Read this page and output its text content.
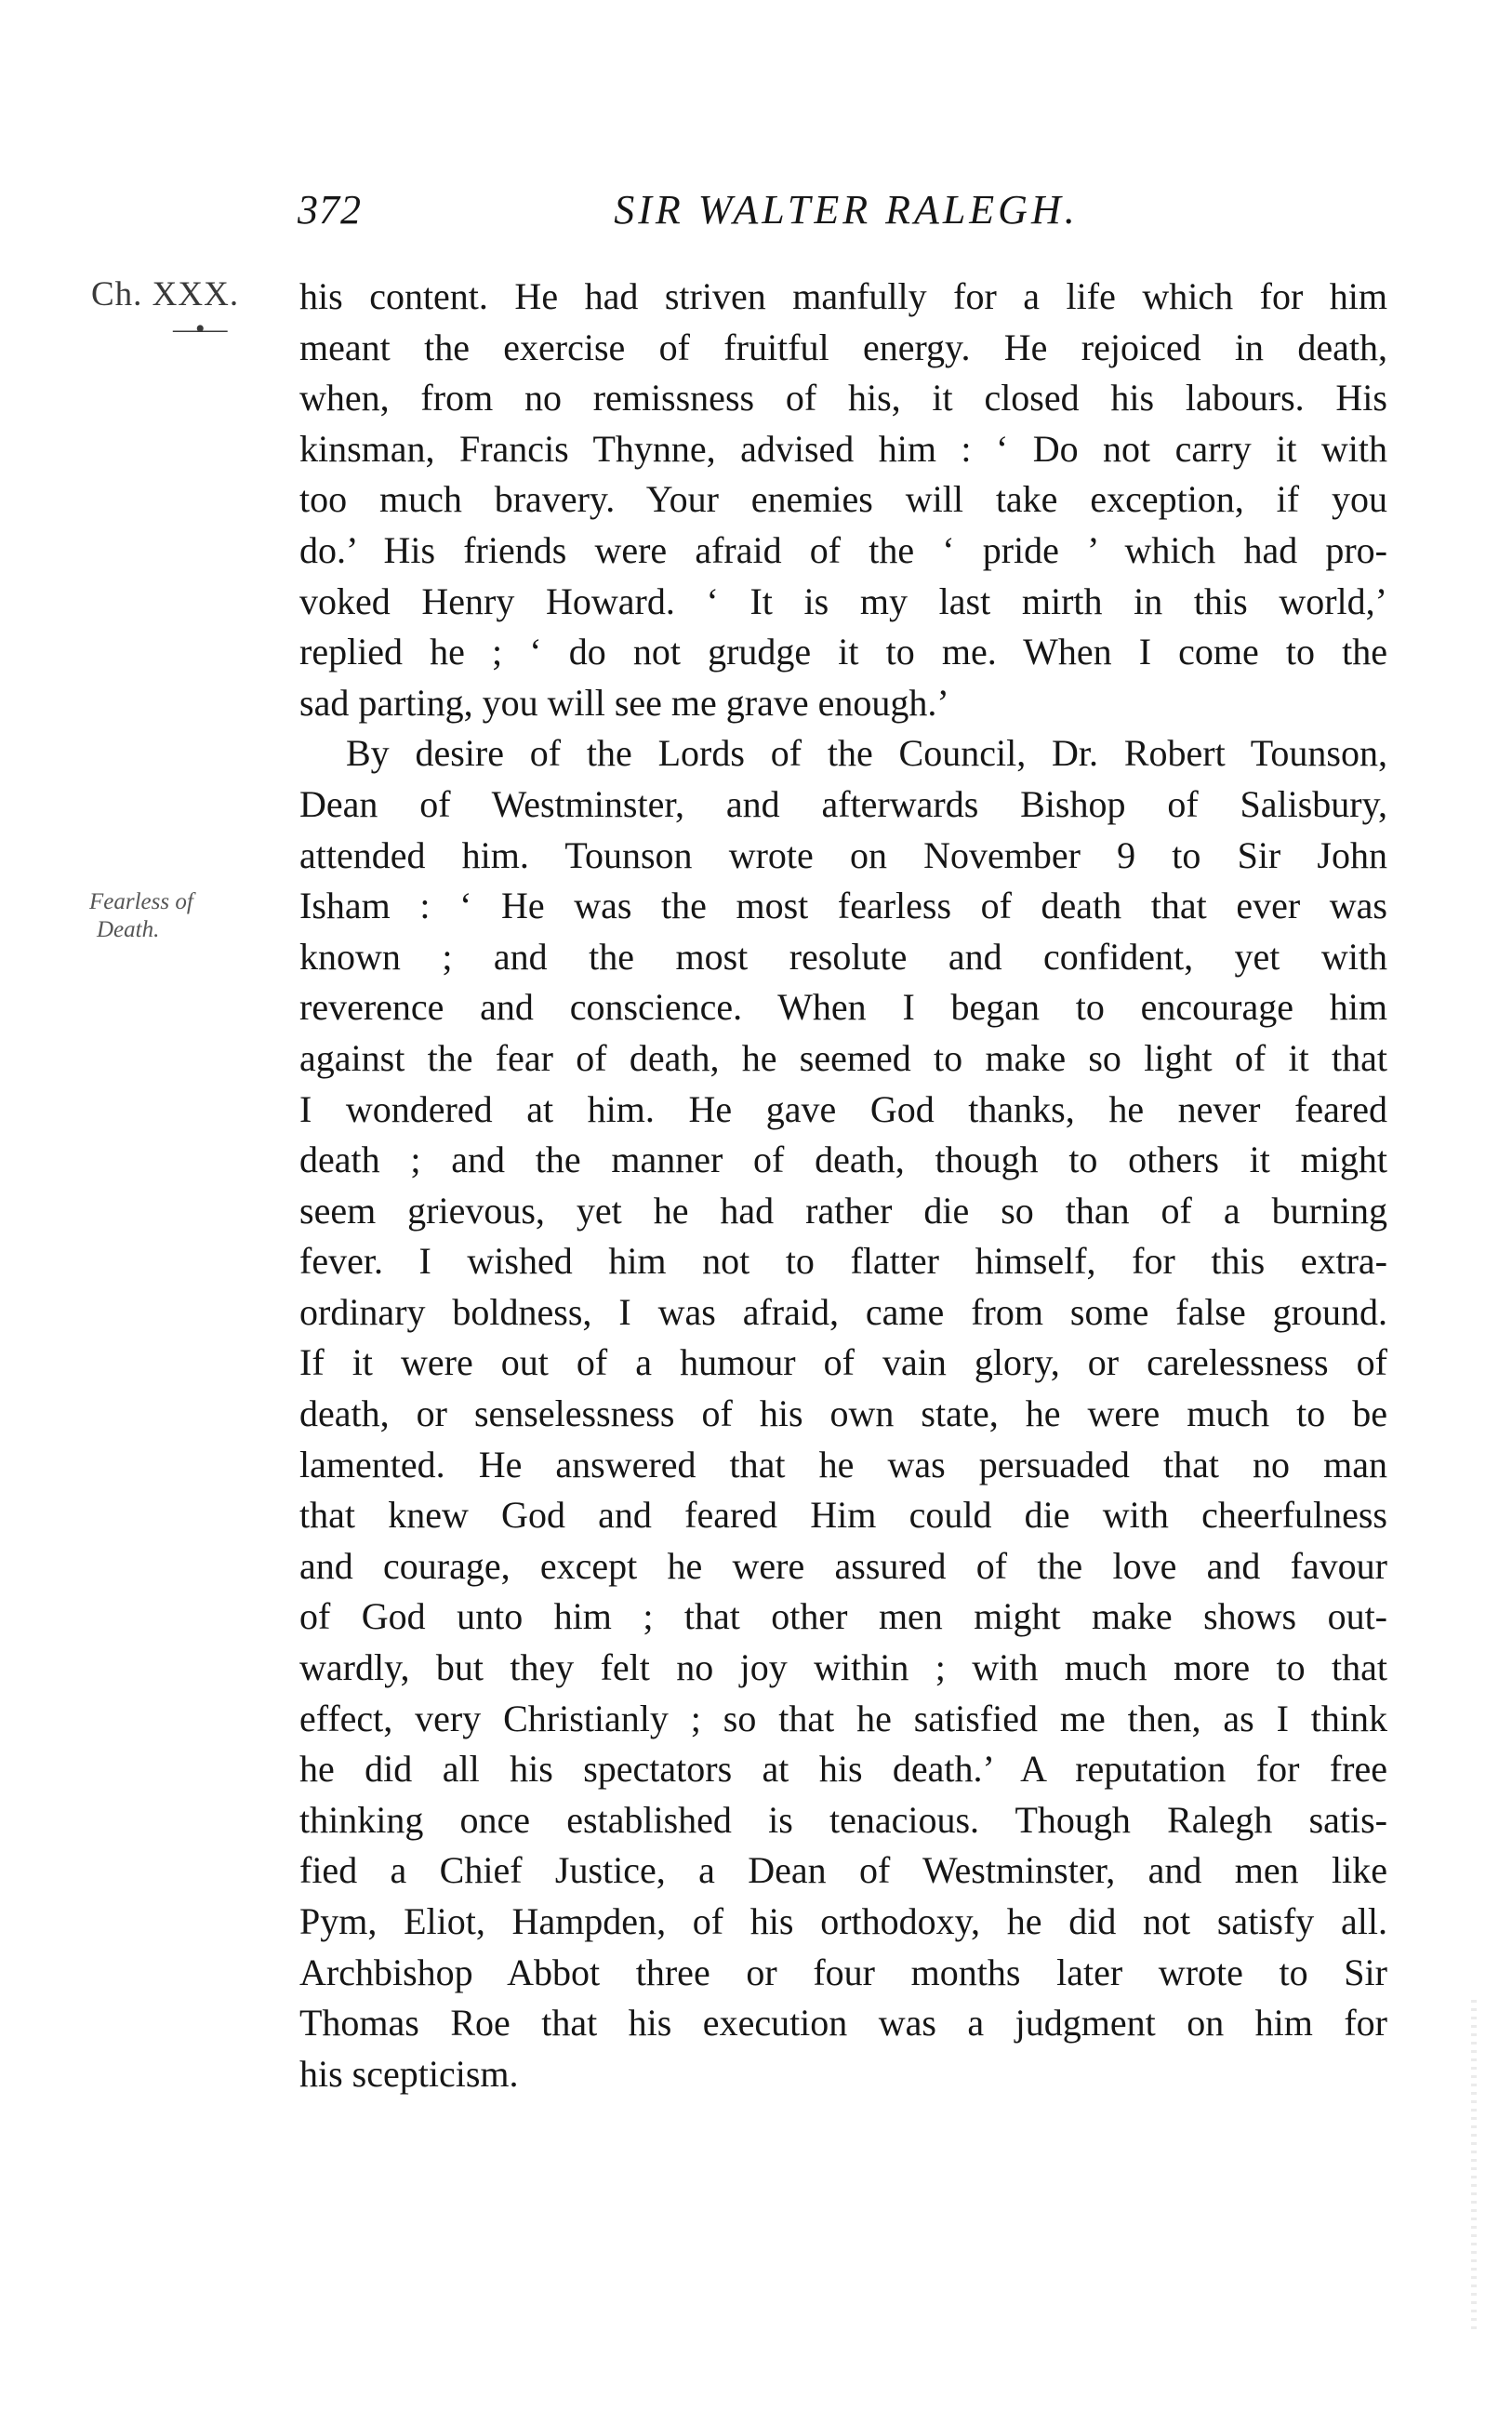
372	SIR WALTER RALEGH.
Ch. XXX.
—•—
Fearless of
Death.

his content. He had striven manfully for a life which for him

meant the exercise of fruitful energy. He rejoiced in death,

when, from no remissness of his, it closed his labours. His

kinsman, Francis Thynne, advised him : ‘ Do not carry it with

too much bravery. Your enemies will take exception, if you

do.’ His friends were afraid of the ‘ pride ’ which had pro-

voked Henry Howard. ‘ It is my last mirth in this world,’

replied he ; ‘ do not grudge it to me. When I come to the

sad parting, you will see me grave enough.’

By desire of the Lords of the Council, Dr. Robert Tounson,

Dean of Westminster, and afterwards Bishop of Salisbury,

attended him. Tounson wrote on November 9 to Sir John

Isham : ‘ He was the most fearless of death that ever was

known ; and the most resolute and confident, yet with

reverence and conscience. When I began to encourage him

against the fear of death, he seemed to make so light of it that

I wondered at him. He gave God thanks, he never feared

death ; and the manner of death, though to others it might

seem grievous, yet he had rather die so than of a burning

fever. I wished him not to flatter himself, for this extra-

ordinary boldness, I was afraid, came from some false ground.

If it were out of a humour of vain glory, or carelessness of

death, or senselessness of his own state, he were much to be

lamented. He answered that he was persuaded that no man

that knew God and feared Him could die with cheerfulness

and courage, except he were assured of the love and favour

of God unto him ; that other men might make shows out-

wardly, but they felt no joy within ; with much more to that

effect, very Christianly ; so that he satisfied me then, as I think

he did all his spectators at his death.’ A reputation for free

thinking once established is tenacious. Though Ralegh satis-

fied a Chief Justice, a Dean of Westminster, and men like

Pym, Eliot, Hampden, of his orthodoxy, he did not satisfy all.

Archbishop Abbot three or four months later wrote to Sir

Thomas Roe that his execution was a judgment on him for

his scepticism.
